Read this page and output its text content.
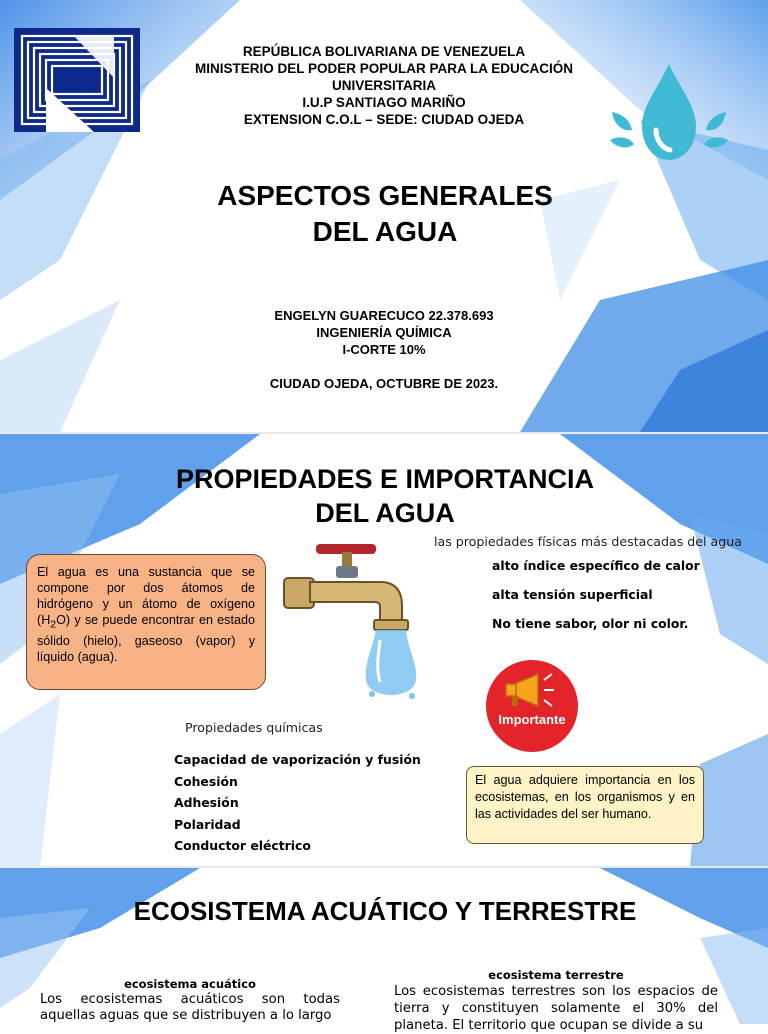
REPÚBLICA BOLIVARIANA DE VENEZUELA
MINISTERIO DEL PODER POPULAR PARA LA EDUCACIÓN
UNIVERSITARIA
I.U.P SANTIAGO MARIÑO
EXTENSION C.O.L – SEDE: CIUDAD OJEDA
ASPECTOS GENERALES
DEL AGUA
ENGELYN GUARECUCO 22.378.693
INGENIERÍA QUÍMICA
I-CORTE 10%
CIUDAD OJEDA, OCTUBRE DE 2023.
PROPIEDADES E IMPORTANCIA
DEL AGUA
El agua es una sustancia que se compone por dos átomos de hidrógeno y un átomo de oxígeno $(H_2O)$ y se puede encontrar en estado sólido (hielo), gaseoso (vapor) y líquido (agua).
las propiedades físicas más destacadas del agua
alto índice específico de calor
alta tensión superficial
No tiene sabor, olor ni color.
Importante
Propiedades químicas
Capacidad de vaporización y fusión
Cohesión
Adhesión
Polaridad
Conductor eléctrico
El agua adquiere importancia en los ecosistemas, en los organismos y en las actividades del ser humano.
ECOSISTEMA ACUÁTICO Y TERRESTRE
ecosistema acuático
Los ecosistemas acuáticos son todas aquellas aguas que se distribuyen a lo largo
ecosistema terrestre
Los ecosistemas terrestres son los espacios de tierra y constituyen solamente el 30% del planeta. El territorio que ocupan se divide a su
